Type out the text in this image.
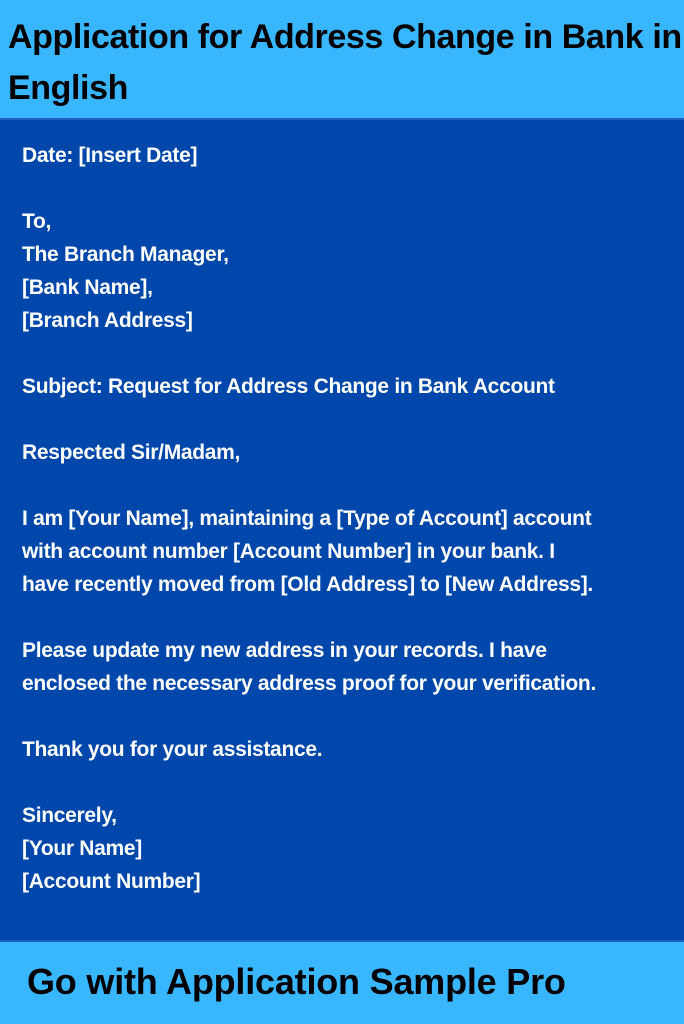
Application for Address Change in Bank in English
Date: [Insert Date]
To,
The Branch Manager,
[Bank Name],
[Branch Address]
Subject: Request for Address Change in Bank Account
Respected Sir/Madam,
I am [Your Name], maintaining a [Type of Account] account
with account number [Account Number] in your bank. I
have recently moved from [Old Address] to [New Address].
Please update my new address in your records. I have
enclosed the necessary address proof for your verification.
Thank you for your assistance.
Sincerely,
[Your Name]
[Account Number]

Go with Application Sample Pro
